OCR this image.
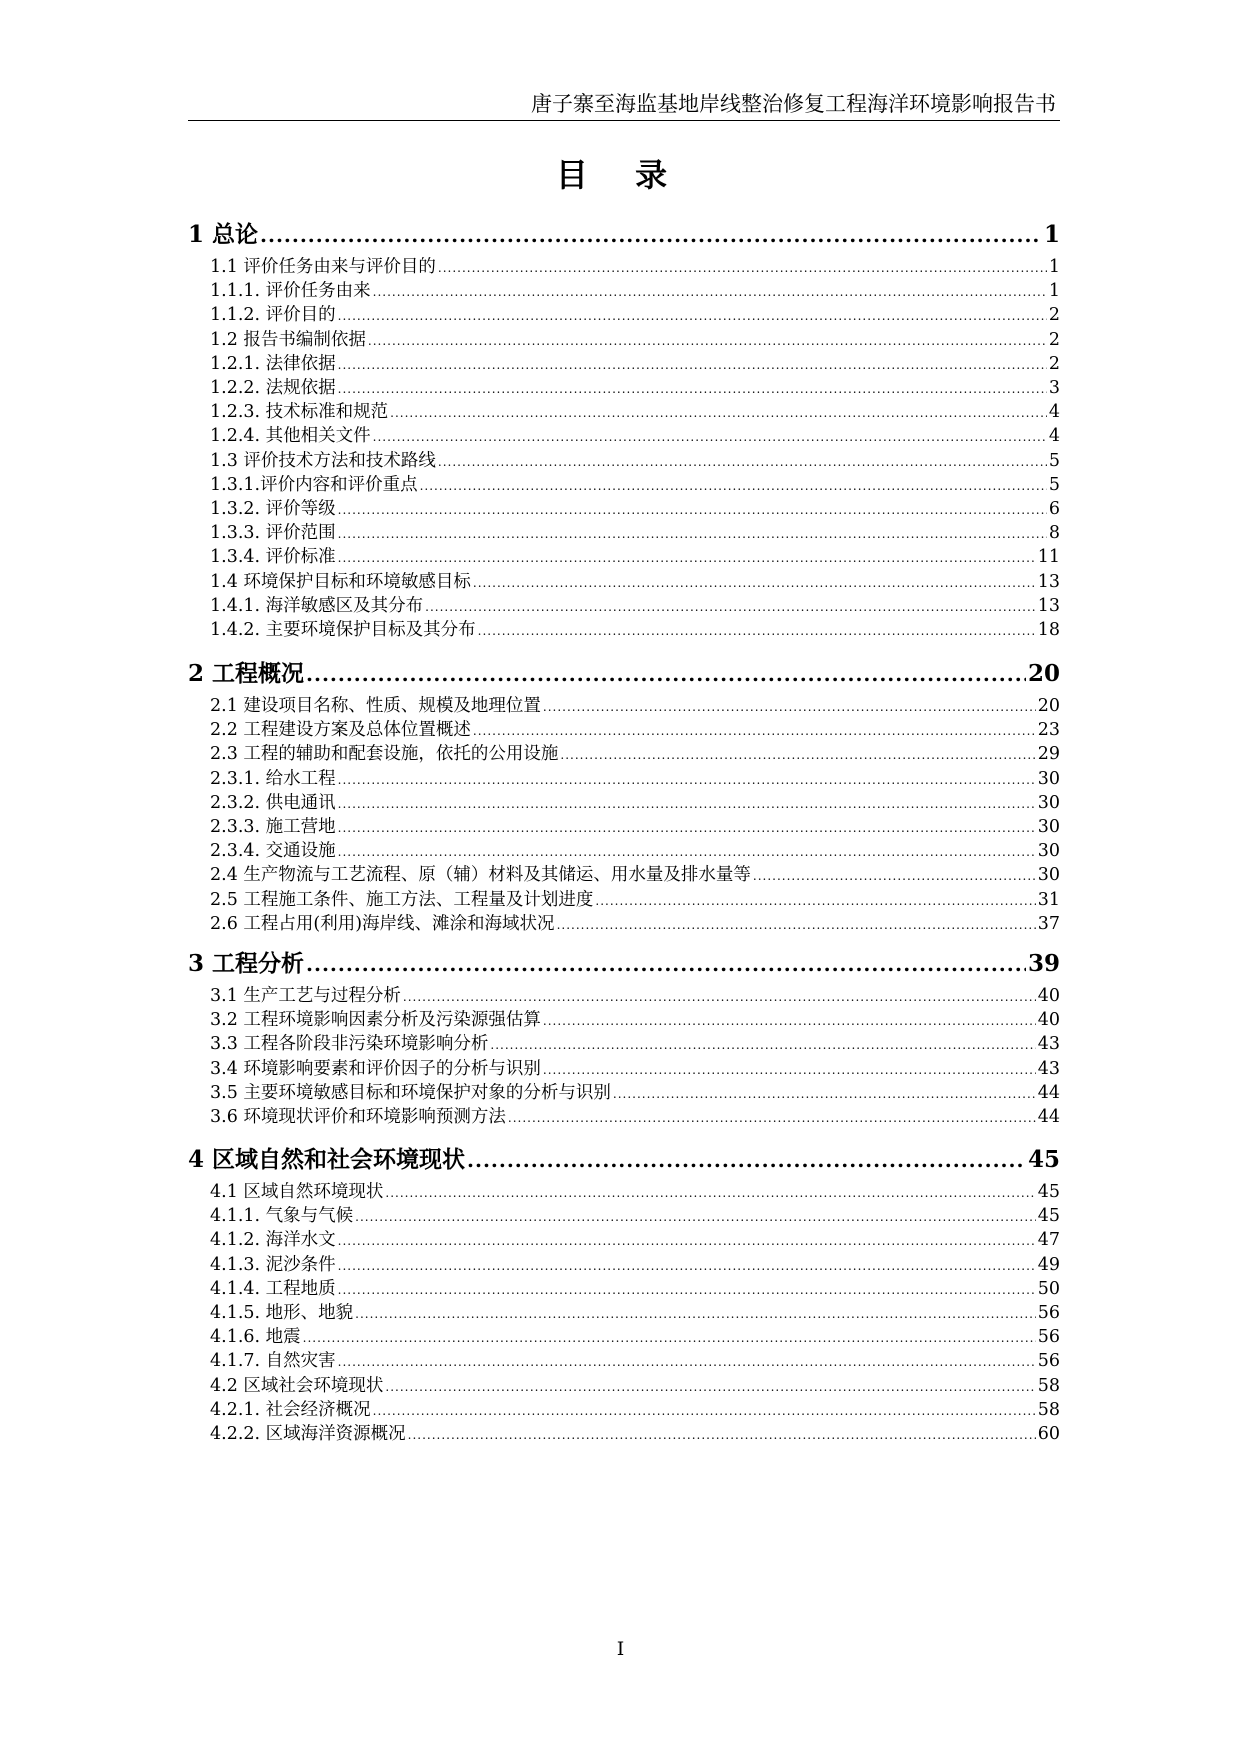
唐子寨至海监基地岸线整治修复工程海洋环境影响报告书
目 录
1 总论 .....	1
1.1 评价任务由来与评价目的 .....	1
1.1.1. 评价任务由来 .....	1
1.1.2. 评价目的 .....	2
1.2 报告书编制依据 .....	2
1.2.1. 法律依据 .....	2
1.2.2. 法规依据 .....	3
1.2.3. 技术标准和规范 .....	4
1.2.4. 其他相关文件 .....	4
1.3 评价技术方法和技术路线 .....	5
1.3.1.评价内容和评价重点 .....	5
1.3.2. 评价等级 .....	6
1.3.3. 评价范围 .....	8
1.3.4. 评价标准 .....	11
1.4 环境保护目标和环境敏感目标 .....	13
1.4.1. 海洋敏感区及其分布 .....	13
1.4.2. 主要环境保护目标及其分布 .....	18
2 工程概况 .....	20
2.1 建设项目名称、性质、规模及地理位置 .....	20
2.2 工程建设方案及总体位置概述 .....	23
2.3 工程的辅助和配套设施，依托的公用设施 .....	29
2.3.1. 给水工程 .....	30
2.3.2. 供电通讯 .....	30
2.3.3. 施工营地 .....	30
2.3.4. 交通设施 .....	30
2.4 生产物流与工艺流程、原（辅）材料及其储运、用水量及排水量等 .....	30
2.5 工程施工条件、施工方法、工程量及计划进度 .....	31
2.6 工程占用(利用)海岸线、滩涂和海域状况 .....	37
3 工程分析 .....	39
3.1 生产工艺与过程分析 .....	40
3.2 工程环境影响因素分析及污染源强估算 .....	40
3.3 工程各阶段非污染环境影响分析 .....	43
3.4 环境影响要素和评价因子的分析与识别 .....	43
3.5 主要环境敏感目标和环境保护对象的分析与识别 .....	44
3.6 环境现状评价和环境影响预测方法 .....	44
4 区域自然和社会环境现状 .....	45
4.1 区域自然环境现状 .....	45
4.1.1. 气象与气候 .....	45
4.1.2. 海洋水文 .....	47
4.1.3. 泥沙条件 .....	49
4.1.4. 工程地质 .....	50
4.1.5. 地形、地貌 .....	56
4.1.6. 地震 .....	56
4.1.7. 自然灾害 .....	56
4.2 区域社会环境现状 .....	58
4.2.1. 社会经济概况 .....	58
4.2.2. 区域海洋资源概况 .....	60
I
